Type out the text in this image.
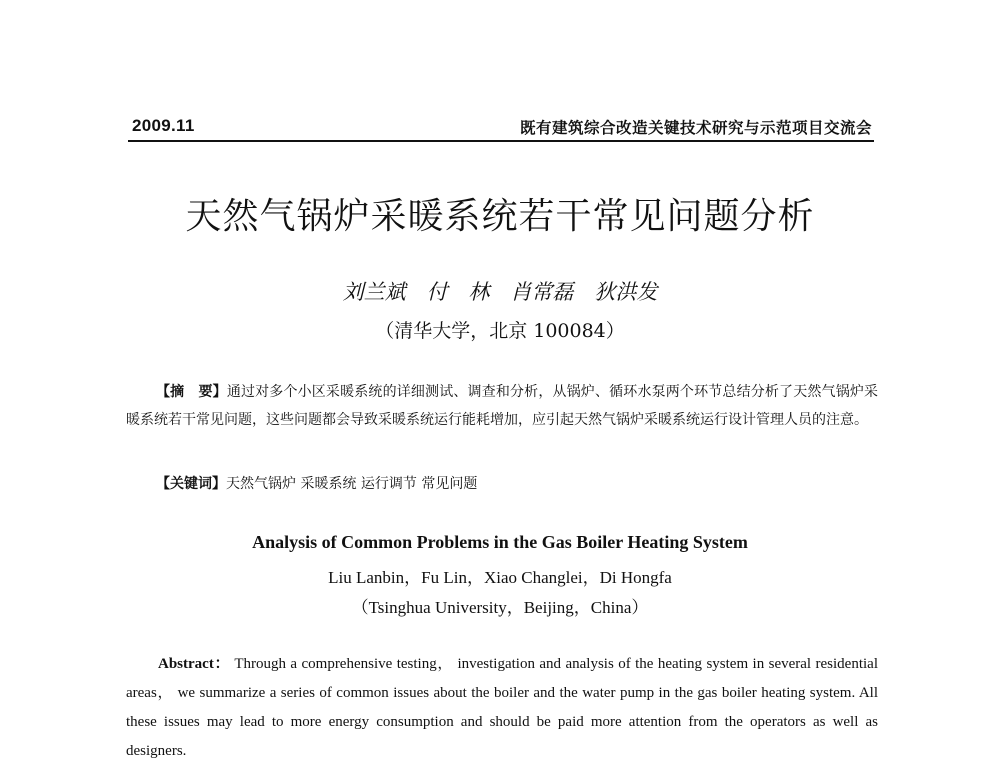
2009.11	既有建筑综合改造关键技术研究与示范项目交流会
天然气锅炉采暖系统若干常见问题分析
刘兰斌　付 林　肖常磊　狄洪发
（清华大学，北京 100084）
【摘　要】通过对多个小区采暖系统的详细测试、调查和分析，从锅炉、循环水泵两个环节总结分析了天然气锅炉采暖系统若干常见问题，这些问题都会导致采暖系统运行能耗增加，应引起天然气锅炉采暖系统运行设计管理人员的注意。
【关键词】天然气锅炉 采暖系统 运行调节 常见问题
Analysis of Common Problems in the Gas Boiler Heating System
Liu Lanbin，Fu Lin，Xiao Changlei，Di Hongfa
（Tsinghua University，Beijing，China）
Abstract： Through a comprehensive testing， investigation and analysis of the heating system in several residential areas， we summarize a series of common issues about the boiler and the water pump in the gas boiler heating system. All these issues may lead to more energy consumption and should be paid more attention from the operators as well as designers.
